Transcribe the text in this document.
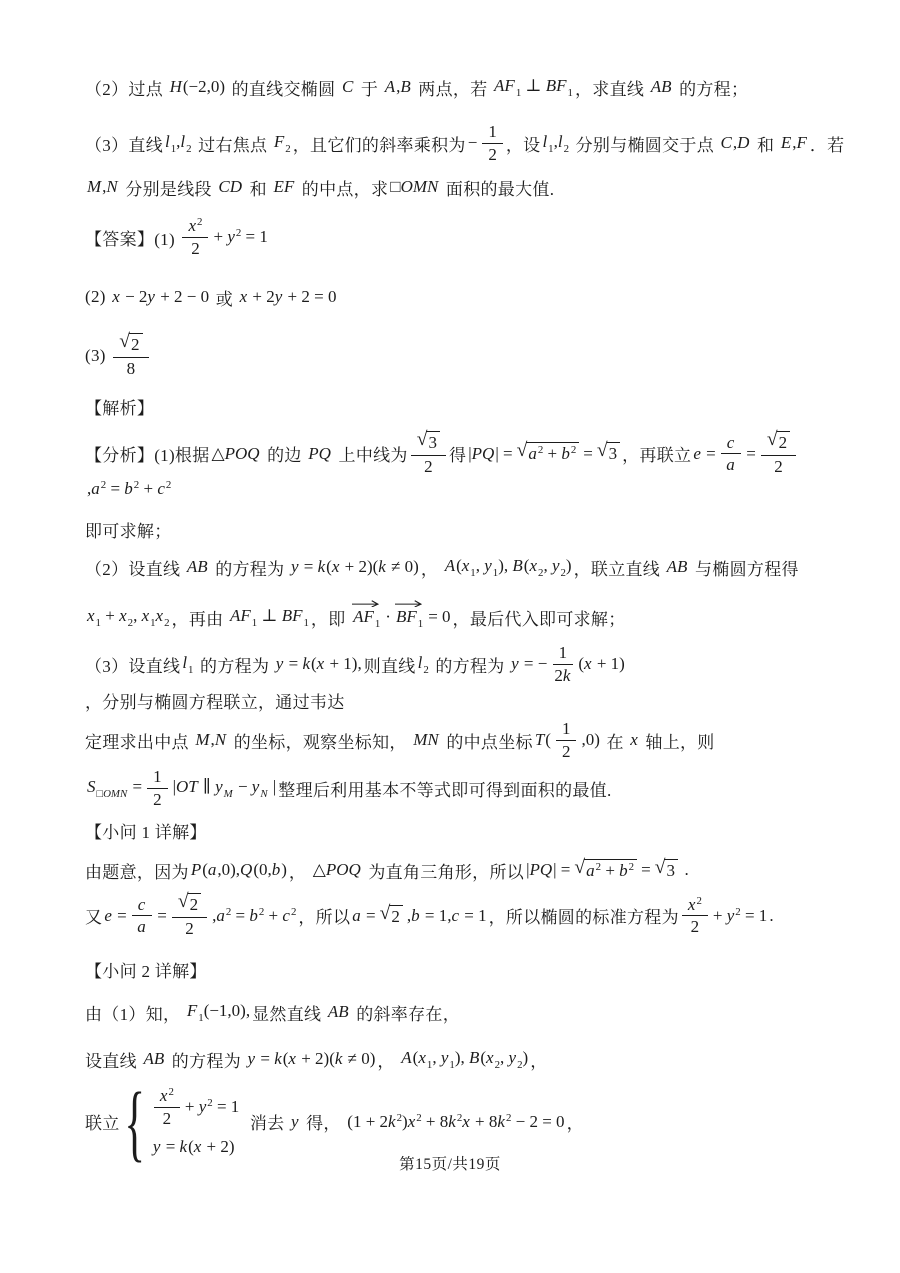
（2）过点 H(−2,0) 的直线交椭圆 C 于 A,B 两点，若 $AF_1$ ⊥ $BF_1$ ，求直线 AB 的方程；
（3）直线 $l_1,l_2$ 过右焦点 $F_2$ ，且它们的斜率乘积为 − $\frac{1}{2}$ ，设 $l_1,l_2$ 分别与椭圆交于点 C,D 和 E,F ．若
M,N 分别是线段 CD 和 EF 的中点，求 □OMN 面积的最大值.
【答案】$(1) \frac{x^2}{2} + y^2 = 1$
(2) x − 2y + 2 − 0 或 x + 2y + 2 = 0
$(3) \frac{√ 2}{8}$
【解析】
【分析】(1)根据 △POQ 的边 PQ 上中线为 $\frac{√ 3}{2}$ 得 |PQ| = √ $a^2 + b^2$ = √ 3 ，再联立 $e = \frac{c}{a} = \frac{√ 2}{2}$
$,a^2 = b^2 + c^2$
即可求解；
（2）设直线 AB 的方程为 y = k(x + 2)(k ≠ 0) ， $A(x_1$, $y_1$), $B(x_2$, $y_2$) ，联立直线 AB 与椭圆方程得
$x_1 + x_2$, $x_1x_2$ ，再由 $AF_1$ ⊥ $BF_1$ ，即 $AF_1 \cdot BF_1 = 0$ ，最后代入即可求解；
（3）设直线 $l_1$ 的方程为 y = k(x + 1), 则直线 $l_2$ 的方程为 y = − $\frac{1}{2k} (x + 1)$
，分别与椭圆方程联立，通过韦达
定理求出中点 M,N 的坐标，观察坐标知， MN 的中点坐标 $T( \frac{1}{2} ,0)$ 在 x 轴上，则
$S_{□OMN} = \frac{1}{2} |OT$ ∥ $y_M - y_N$ | 整理后利用基本不等式即可得到面积的最值.
【小问 1 详解】
由题意，因为 P(a,0),Q(0,b) ， △POQ 为直角三角形，所以 |PQ| = √ $a^2 + b^2$ = √ 3 .
又 $e = \frac{c}{a} = \frac{√ 2}{2} ,a^2 = b^2 + c^2$ ，所以 a = √ 2 ,b = 1,c = 1 ，所以椭圆的标准方程为 $\frac{x^2}{2} + y^2 = 1$ .
【小问 2 详解】
由（1）知， $F_1(-1,0)$, 显然直线 AB 的斜率存在，
设直线 AB 的方程为 y = k(x + 2)(k ≠ 0) ， $A(x_1$, $y_1$), $B(x_2$, $y_2$) ，
联立 { $\frac{x^2}{2} + y^2 = 1$
y = k(x + 2)
消去 y 得， $(1 + 2k^2)x^2 + 8k^2x + 8k^2 - 2 = 0$ ，
第15页/共19页
